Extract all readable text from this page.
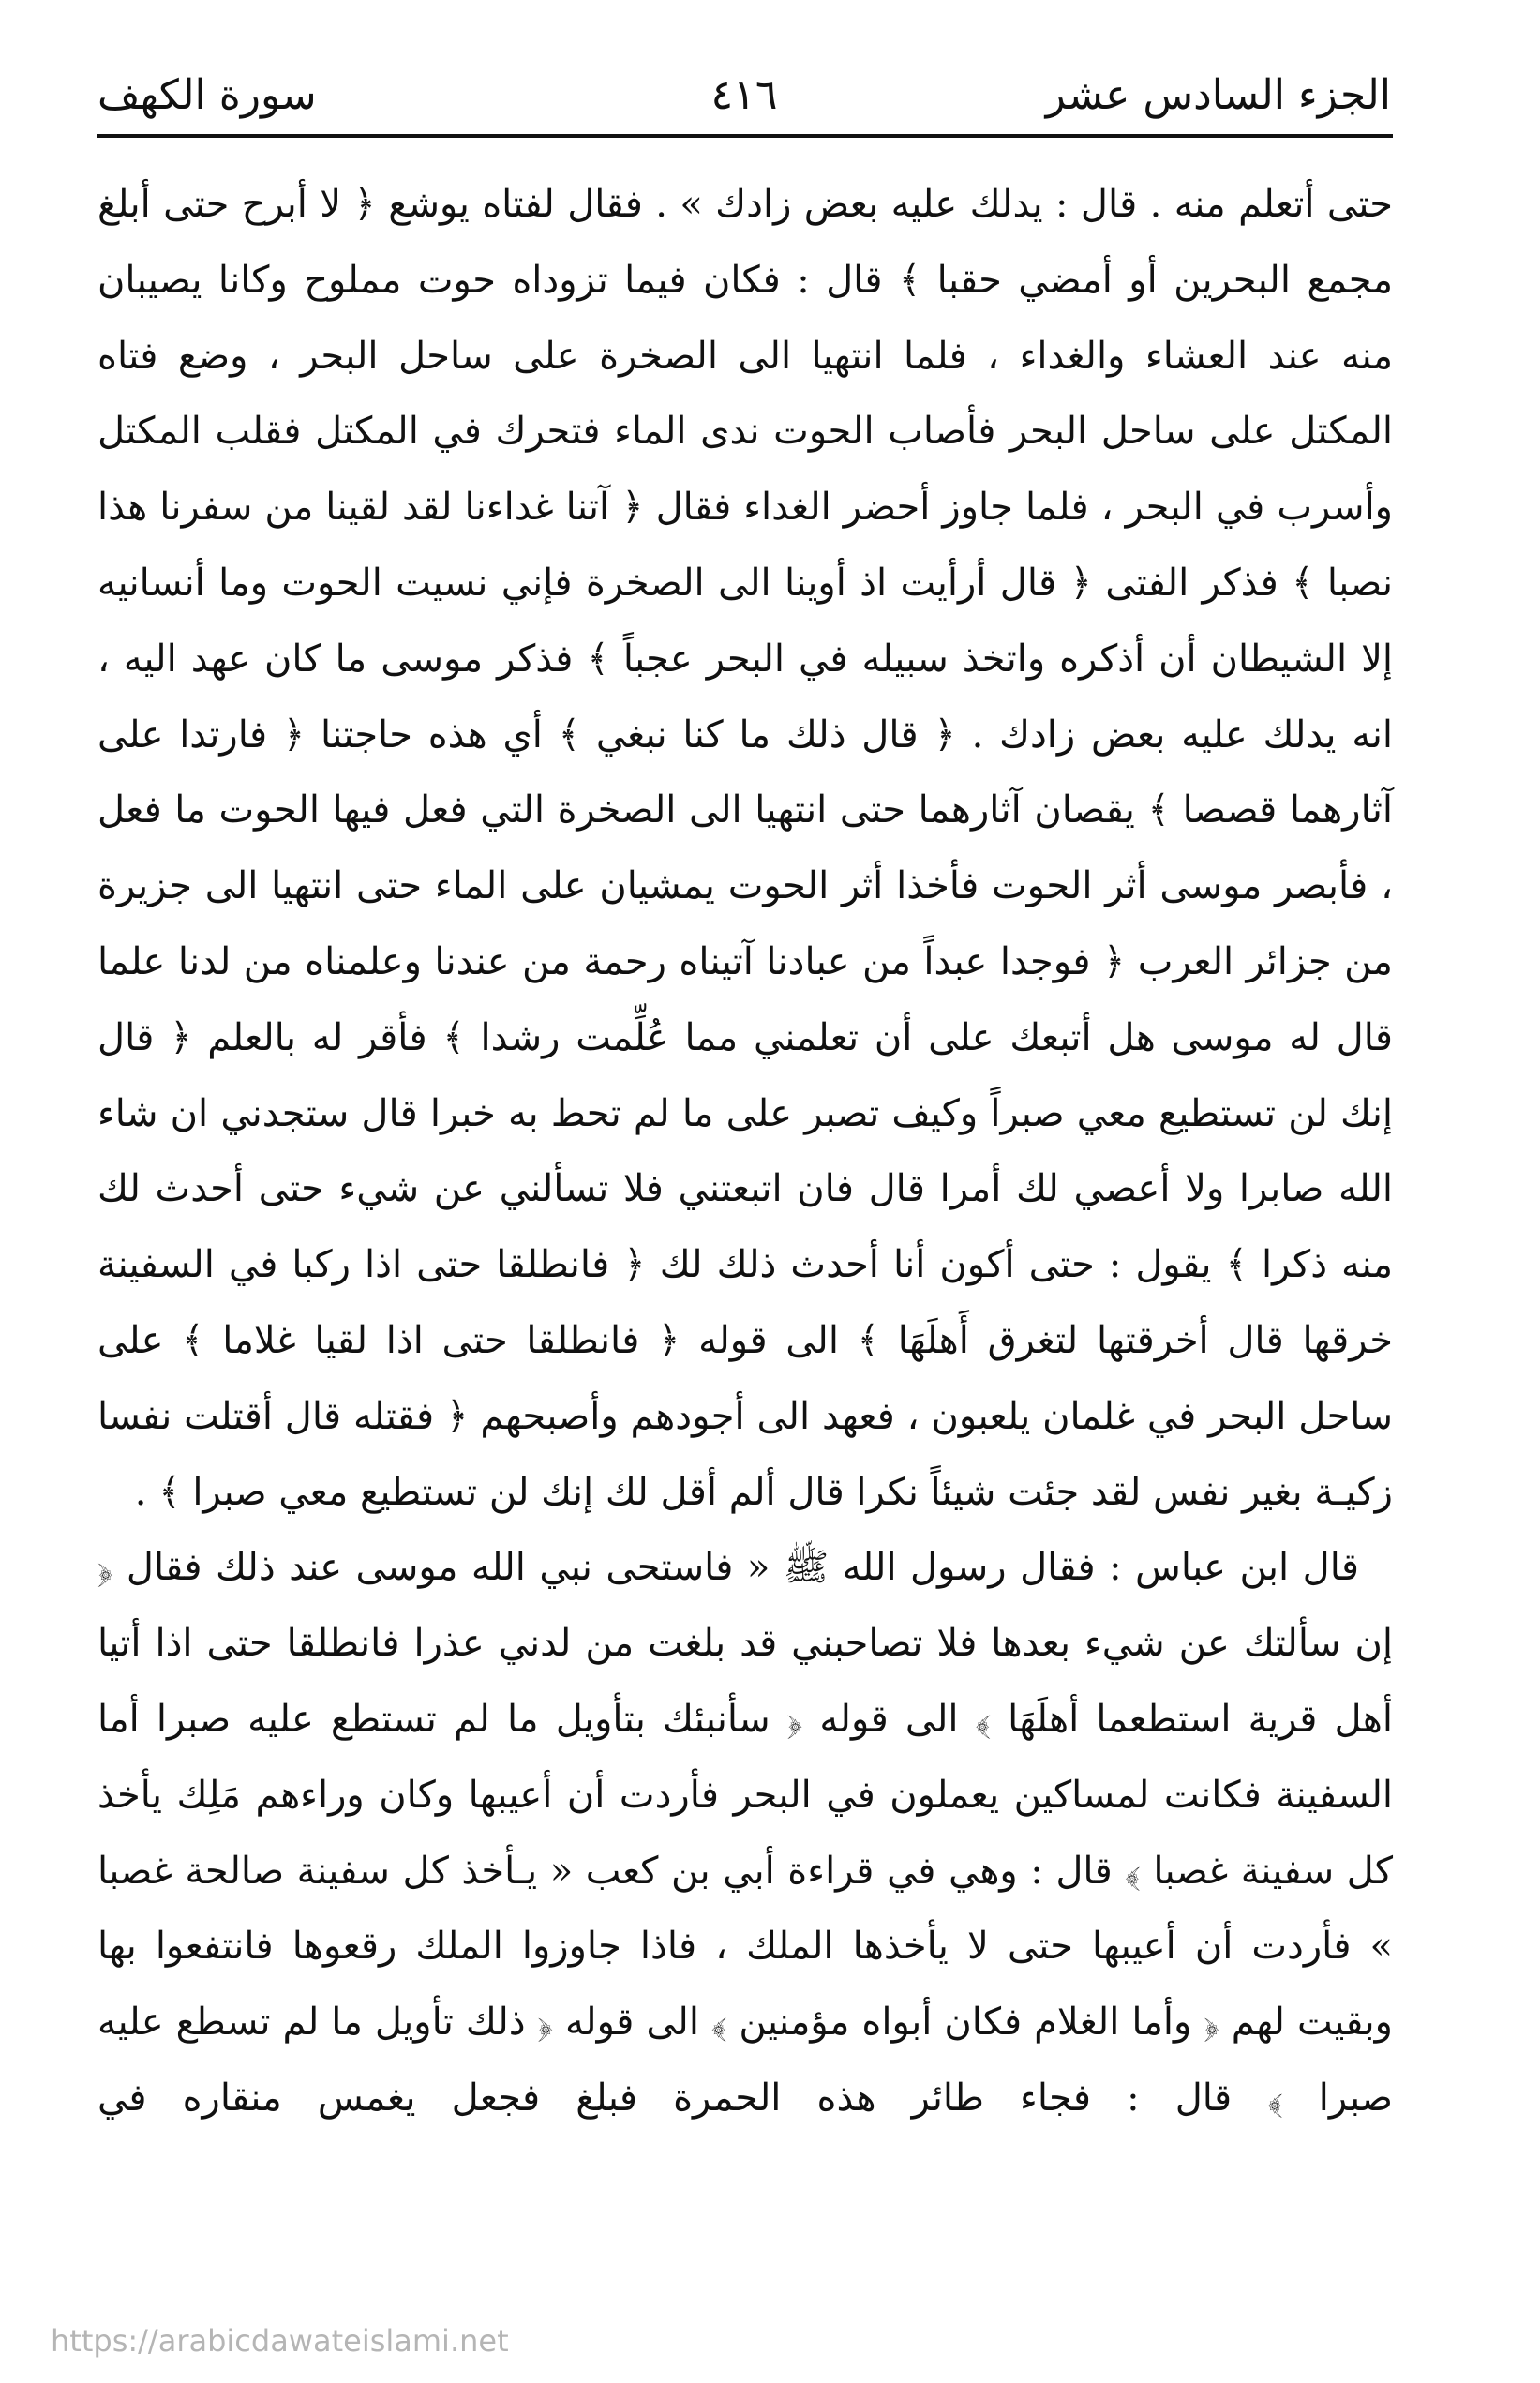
الجزء السادس عشر
٤١٦
سورة الكهف

حتى أتعلم منه . قال : يدلك عليه بعض زادك » . فقال لفتاه يوشع ﴿ لا أبرح حتى أبلغ مجمع البحرين أو أمضي حقبا ﴾ قال : فكان فيما تزوداه حوت مملوح وكانا يصيبان منه عند العشاء والغداء ، فلما انتهيا الى الصخرة على ساحل البحر ، وضع فتاه المكتل على ساحل البحر فأصاب الحوت ندى الماء فتحرك في المكتل فقلب المكتل وأسرب في البحر ، فلما جاوز أحضر الغداء فقال ﴿ آتنا غداءنا لقد لقينا من سفرنا هذا نصبا ﴾ فذكر الفتى ﴿ قال أرأيت اذ أوينا الى الصخرة فإني نسيت الحوت وما أنسانيه إلا الشيطان أن أذكره واتخذ سبيله في البحر عجباً ﴾ فذكر موسى ما كان عهد اليه ، انه يدلك عليه بعض زادك . ﴿ قال ذلك ما كنا نبغي ﴾ أي هذه حاجتنا ﴿ فارتدا على آثارهما قصصا ﴾ يقصان آثارهما حتى انتهيا الى الصخرة التي فعل فيها الحوت ما فعل ، فأبصر موسى أثر الحوت فأخذا أثر الحوت يمشيان على الماء حتى انتهيا الى جزيرة من جزائر العرب ﴿ فوجدا عبداً من عبادنا آتيناه رحمة من عندنا وعلمناه من لدنا علما قال له موسى هل أتبعك على أن تعلمني مما عُلِّمت رشدا ﴾ فأقر له بالعلم ﴿ قال إنك لن تستطيع معي صبراً وكيف تصبر على ما لم تحط به خبرا قال ستجدني ان شاء الله صابرا ولا أعصي لك أمرا قال فان اتبعتني فلا تسألني عن شيء حتى أحدث لك منه ذكرا ﴾ يقول : حتى أكون أنا أحدث ذلك لك ﴿ فانطلقا حتى اذا ركبا في السفينة خرقها قال أخرقتها لتغرق أَهلَهَا ﴾ الى قوله ﴿ فانطلقا حتى اذا لقيا غلاما ﴾ على ساحل البحر في غلمان يلعبون ، فعهد الى أجودهم وأصبحهم ﴿ فقتله قال أقتلت نفسا زكيـة بغير نفس لقد جئت شيئاً نكرا قال ألم أقل لك إنك لن تستطيع معي صبرا ﴾ .

قال ابن عباس : فقال رسول الله ﷺ « فاستحى نبي الله موسى عند ذلك فقال ﴿ إن سألتك عن شيء بعدها فلا تصاحبني قد بلغت من لدني عذرا فانطلقا حتى اذا أتيا أهل قرية استطعما أهلَهَا ﴾ الى قوله ﴿ سأنبئك بتأويل ما لم تستطع عليه صبرا أما السفينة فكانت لمساكين يعملون في البحر فأردت أن أعيبها وكان وراءهم مَلِك يأخذ كل سفينة غصبا ﴾ قال : وهي في قراءة أبي بن كعب « يـأخذ كل سفينة صالحة غصبا » فأردت أن أعيبها حتى لا يأخذها الملك ، فاذا جاوزوا الملك رقعوها فانتفعوا بها وبقيت لهم ﴿ وأما الغلام فكان أبواه مؤمنين ﴾ الى قوله ﴿ ذلك تأويل ما لم تسطع عليه صبرا ﴾ قال : فجاء طائر هذه الحمرة فبلغ فجعل يغمس منقاره في

https://arabicdawateislami.net
